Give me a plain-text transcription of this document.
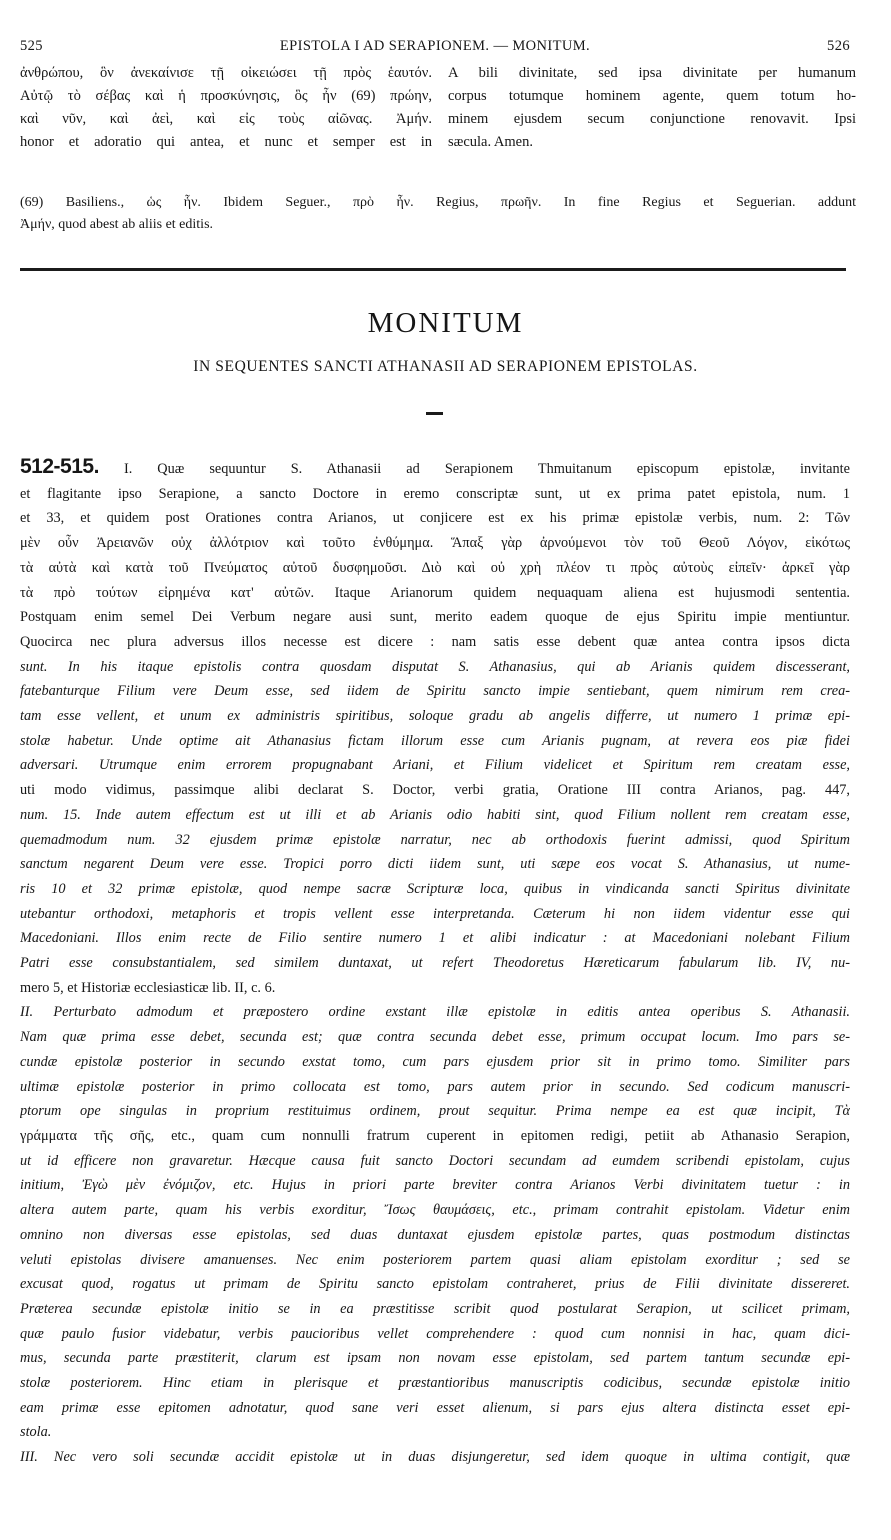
525	EPISTOLA I AD SERAPIONEM. — MONITUM.	526
ἀνθρώπου, ὃν ἀνεκαίνισε τῇ οἰκειώσει τῇ πρὸς ἑαυτόν.
Αὐτῷ τὸ σέβας καὶ ἡ προσκύνησις, ὃς ἦν (69) πρώην,
καὶ νῦν, καὶ ἀεὶ, καὶ εἰς τοὺς αἰῶνας. Ἀμήν.
A bili divinitate, sed ipsa divinitate per humanum
corpus totumque hominem agente, quem totum ho-
minem ejusdem secum conjunctione renovavit. Ipsi
honor et adoratio qui antea, et nunc et semper est in sæcula. Amen.
(69) Basiliens., ὡς ἦν. Ibidem Seguer., πρὸ ἦν. Regius, πρωῆν. In fine Regius et Seguerian. addunt
Ἀμήν, quod abest ab aliis et editis.
MONITUM
IN SEQUENTES SANCTI ATHANASII AD SERAPIONEM EPISTOLAS.
512-515. I. Quæ sequuntur S. Athanasii ad Serapionem Thmuitanum episcopum epistolæ, invitante
et flagitante ipso Serapione, a sancto Doctore in eremo conscriptæ sunt, ut ex prima patet epistola, num. 1
et 33, et quidem post Orationes contra Arianos, ut conjicere est ex his primæ epistolæ verbis, num. 2: Τῶν
μὲν οὖν Ἀρειανῶν οὐχ ἀλλότριον καὶ τοῦτο ἐνθύμημα. Ἅπαξ γὰρ ἀρνούμενοι τὸν τοῦ Θεοῦ Λόγον, εἰκότως
τὰ αὐτὰ καὶ κατὰ τοῦ Πνεύματος αὐτοῦ δυσφημοῦσι. Διὸ καὶ οὐ χρὴ πλέον τι πρὸς αὐτοὺς εἰπεῖν· ἀρκεῖ γὰρ
τὰ πρὸ τούτων εἰρημένα κατ' αὐτῶν. Itaque Arianorum quidem nequaquam aliena est hujusmodi sententia.
Postquam enim semel Dei Verbum negare ausi sunt, merito eadem quoque de ejus Spiritu impie mentiuntur.
Quocirca nec plura adversus illos necesse est dicere : nam satis esse debent quæ antea contra ipsos dicta
sunt. In his itaque epistolis contra quosdam disputat S. Athanasius, qui ab Arianis quidem discesserant,
fatebanturque Filium vere Deum esse, sed iidem de Spiritu sancto impie sentiebant, quem nimirum rem crea-
tam esse vellent, et unum ex administris spiritibus, soloque gradu ab angelis differre, ut numero 1 primæ epi-
stolæ habetur. Unde optime ait Athanasius fictam illorum esse cum Arianis pugnam, at revera eos piæ fidei
adversari. Utrumque enim errorem propugnabant Ariani, et Filium videlicet et Spiritum rem creatam esse,
uti modo vidimus, passimque alibi declarat S. Doctor, verbi gratia, Oratione III contra Arianos, pag. 447,
num. 15. Inde autem effectum est ut illi et ab Arianis odio habiti sint, quod Filium nollent rem creatam esse,
quemadmodum num. 32 ejusdem primæ epistolæ narratur, nec ab orthodoxis fuerint admissi, quod Spiritum
sanctum negarent Deum vere esse. Tropici porro dicti iidem sunt, uti sæpe eos vocat S. Athanasius, ut nume-
ris 10 et 32 primæ epistolæ, quod nempe sacræ Scripturæ loca, quibus in vindicanda sancti Spiritus divinitate
utebantur orthodoxi, metaphoris et tropis vellent esse interpretanda. Cæterum hi non iidem videntur esse qui
Macedoniani. Illos enim recte de Filio sentire numero 1 et alibi indicatur : at Macedoniani nolebant Filium
Patri esse consubstantialem, sed similem duntaxat, ut refert Theodoretus Hæreticarum fabularum lib. IV, nu-
mero 5, et Historiæ ecclesiasticæ lib. II, c. 6.
II. Perturbato admodum et præpostero ordine exstant illæ epistolæ in editis antea operibus S. Athanasii.
Nam quæ prima esse debet, secunda est; quæ contra secunda debet esse, primum occupat locum. Imo pars se-
cundæ epistolæ posterior in secundo exstat tomo, cum pars ejusdem prior sit in primo tomo. Similiter pars
ultimæ epistolæ posterior in primo collocata est tomo, pars autem prior in secundo. Sed codicum manuscri-
ptorum ope singulas in proprium restituimus ordinem, prout sequitur. Prima nempe ea est quæ incipit, Τὰ
γράμματα τῆς σῆς, etc., quam cum nonnulli fratrum cuperent in epitomen redigi, petiit ab Athanasio Serapion,
ut id efficere non gravaretur. Hæcque causa fuit sancto Doctori secundam ad eumdem scribendi epistolam, cujus
initium, Ἐγὼ μὲν ἐνόμιζον, etc. Hujus in priori parte breviter contra Arianos Verbi divinitatem tuetur : in
altera autem parte, quam his verbis exorditur, Ἴσως θαυμάσεις, etc., primam contrahit epistolam. Videtur enim
omnino non diversas esse epistolas, sed duas duntaxat ejusdem epistolæ partes, quas postmodum distinctas
veluti epistolas divisere amanuenses. Nec enim posteriorem partem quasi aliam epistolam exorditur ; sed se
excusat quod, rogatus ut primam de Spiritu sancto epistolam contraheret, prius de Filii divinitate dissereret.
Præterea secundæ epistolæ initio se in ea præstitisse scribit quod postularat Serapion, ut scilicet primam,
quæ paulo fusior videbatur, verbis paucioribus vellet comprehendere : quod cum nonnisi in hac, quam dici-
mus, secunda parte præstiterit, clarum est ipsam non novam esse epistolam, sed partem tantum secundæ epi-
stolæ posteriorem. Hinc etiam in plerisque et præstantioribus manuscriptis codicibus, secundæ epistolæ initio
eam primæ esse epitomen adnotatur, quod sane veri esset alienum, si pars ejus altera distincta esset epi-
stola.
III. Nec vero soli secundæ accidit epistolæ ut in duas disjungeretur, sed idem quoque in ultima contigit, quæ
